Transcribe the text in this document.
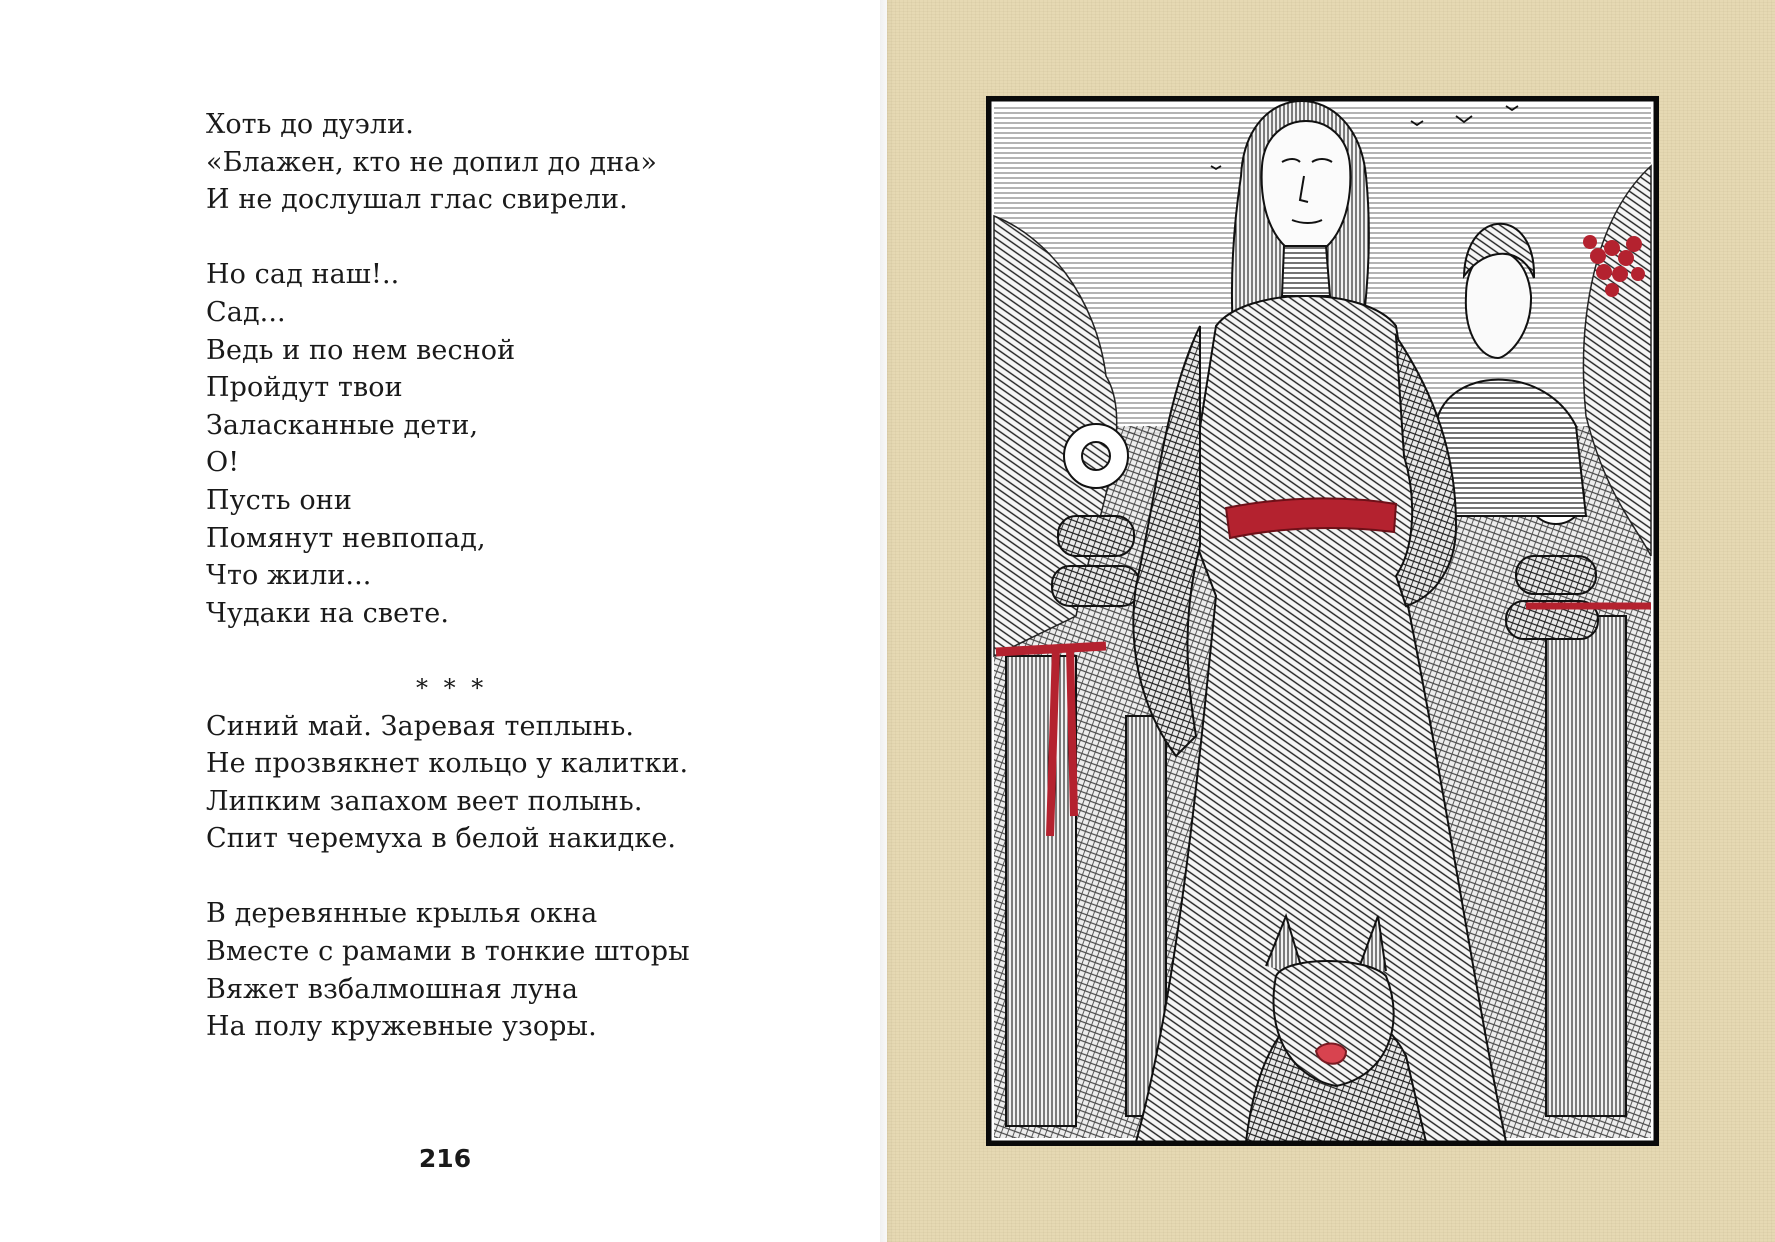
Хоть до дуэли.
«Блажен, кто не допил до дна»
И не дослушал глас свирели.
Но сад наш!..
Сад...
Ведь и по нем весной
Пройдут твои
Заласканные дети,
О!
Пусть они
Помянут невпопад,
Что жили...
Чудаки на свете.
* * *
Синий май. Заревая теплынь.
Не прозвякнет кольцо у калитки.
Липким запахом веет полынь.
Спит черемуха в белой накидке.
В деревянные крылья окна
Вместе с рамами в тонкие шторы
Вяжет взбалмошная луна
На полу кружевные узоры.
216
